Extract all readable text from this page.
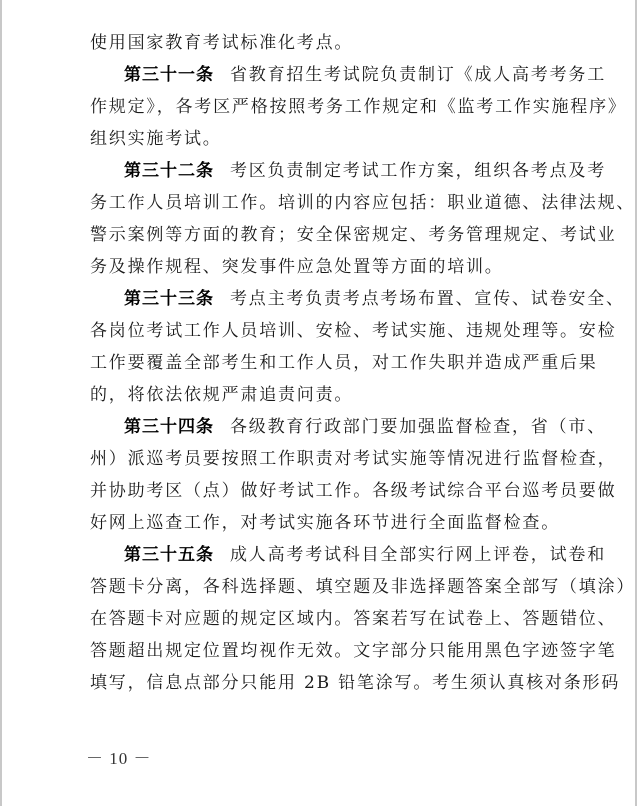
使用国家教育考试标准化考点。
第三十一条 省教育招生考试院负责制订《成人高考考务工
作规定》，各考区严格按照考务工作规定和《监考工作实施程序》
组织实施考试。
第三十二条 考区负责制定考试工作方案，组织各考点及考
务工作人员培训工作。培训的内容应包括：职业道德、法律法规、
警示案例等方面的教育；安全保密规定、考务管理规定、考试业
务及操作规程、突发事件应急处置等方面的培训。
第三十三条 考点主考负责考点考场布置、宣传、试卷安全、
各岗位考试工作人员培训、安检、考试实施、违规处理等。安检
工作要覆盖全部考生和工作人员，对工作失职并造成严重后果
的，将依法依规严肃追责问责。
第三十四条 各级教育行政部门要加强监督检查，省（市、
州）派巡考员要按照工作职责对考试实施等情况进行监督检查，
并协助考区（点）做好考试工作。各级考试综合平台巡考员要做
好网上巡查工作，对考试实施各环节进行全面监督检查。
第三十五条 成人高考考试科目全部实行网上评卷，试卷和
答题卡分离，各科选择题、填空题及非选择题答案全部写（填涂）
在答题卡对应题的规定区域内。答案若写在试卷上、答题错位、
答题超出规定位置均视作无效。文字部分只能用黑色字迹签字笔
填写，信息点部分只能用 2B 铅笔涂写。考生须认真核对条形码
－ 10 －
